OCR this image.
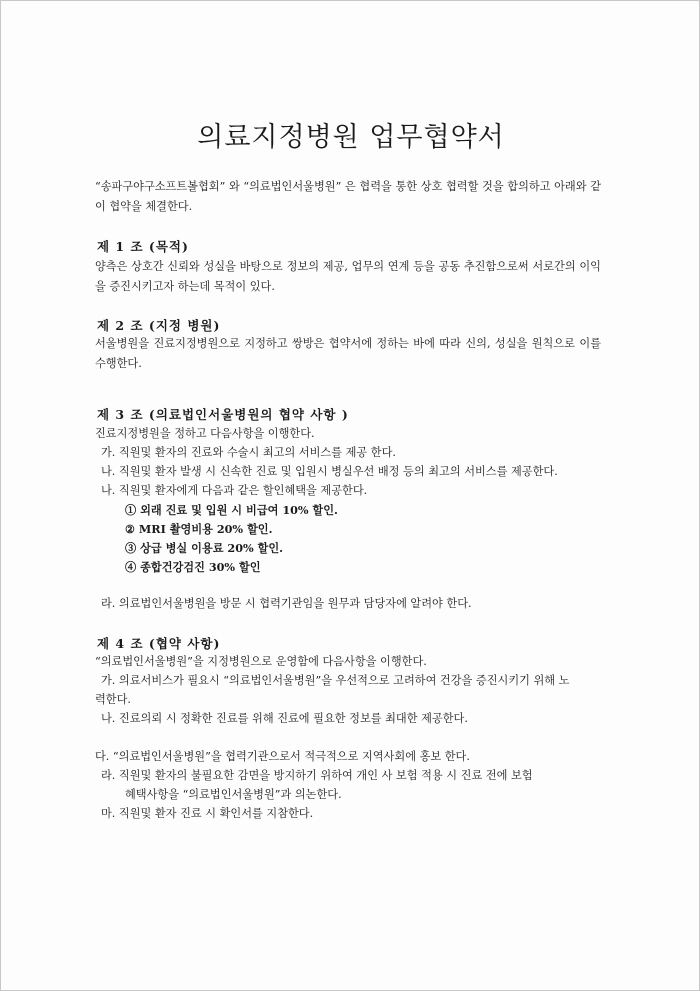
의료지정병원 업무협약서
“송파구야구소프트볼협회” 와 “의료법인서울병원” 은 협력을 통한 상호 협력할 것을 합의하고 아래와 같이 협약을 체결한다.
제 1 조 (목적)
양측은 상호간 신뢰와 성실을 바탕으로 정보의 제공, 업무의 연계 등을 공동 추진함으로써 서로간의 이익을 증진시키고자 하는데 목적이 있다.
제 2 조 (지정 병원)
서울병원을 진료지정병원으로 지정하고 쌍방은 협약서에 정하는 바에 따라 신의, 성실을 원칙으로 이를 수행한다.
제 3 조 (의료법인서울병원의 협약 사항 )
진료지정병원을 정하고 다음사항을 이행한다.
가. 직원및 환자의 진료와 수술시 최고의 서비스를 제공 한다.
나. 직원및 환자 발생 시 신속한 진료 및 입원시 병실우선 배정 등의 최고의 서비스를 제공한다.
나. 직원및 환자에게 다음과 같은 할인혜택을 제공한다.
① 외래 진료 및 입원 시 비급여 10% 할인.
② MRI 촬영비용 20% 할인.
③ 상급 병실 이용료 20% 할인.
④ 종합건강검진 30% 할인
라. 의료법인서울병원을 방문 시 협력기관임을 원무과 담당자에 알려야 한다.
제 4 조 (협약 사항)
“의료법인서울병원”을 지정병원으로 운영함에 다음사항을 이행한다.
가. 의료서비스가 필요시 “의료법인서울병원”을 우선적으로 고려하여 건강을 증진시키기 위해 노
력한다.
나. 진료의뢰 시 정확한 진료를 위해 진료에 필요한 정보를 최대한 제공한다.
다. “의료법인서울병원”을 협력기관으로서 적극적으로 지역사회에 홍보 한다.
라. 직원및 환자의 불필요한 감면을 방지하기 위하여 개인 사 보험 적용 시 진료 전에 보험
혜택사항을 “의료법인서울병원”과 의논한다.
마. 직원및 환자 진료 시 확인서를 지참한다.
